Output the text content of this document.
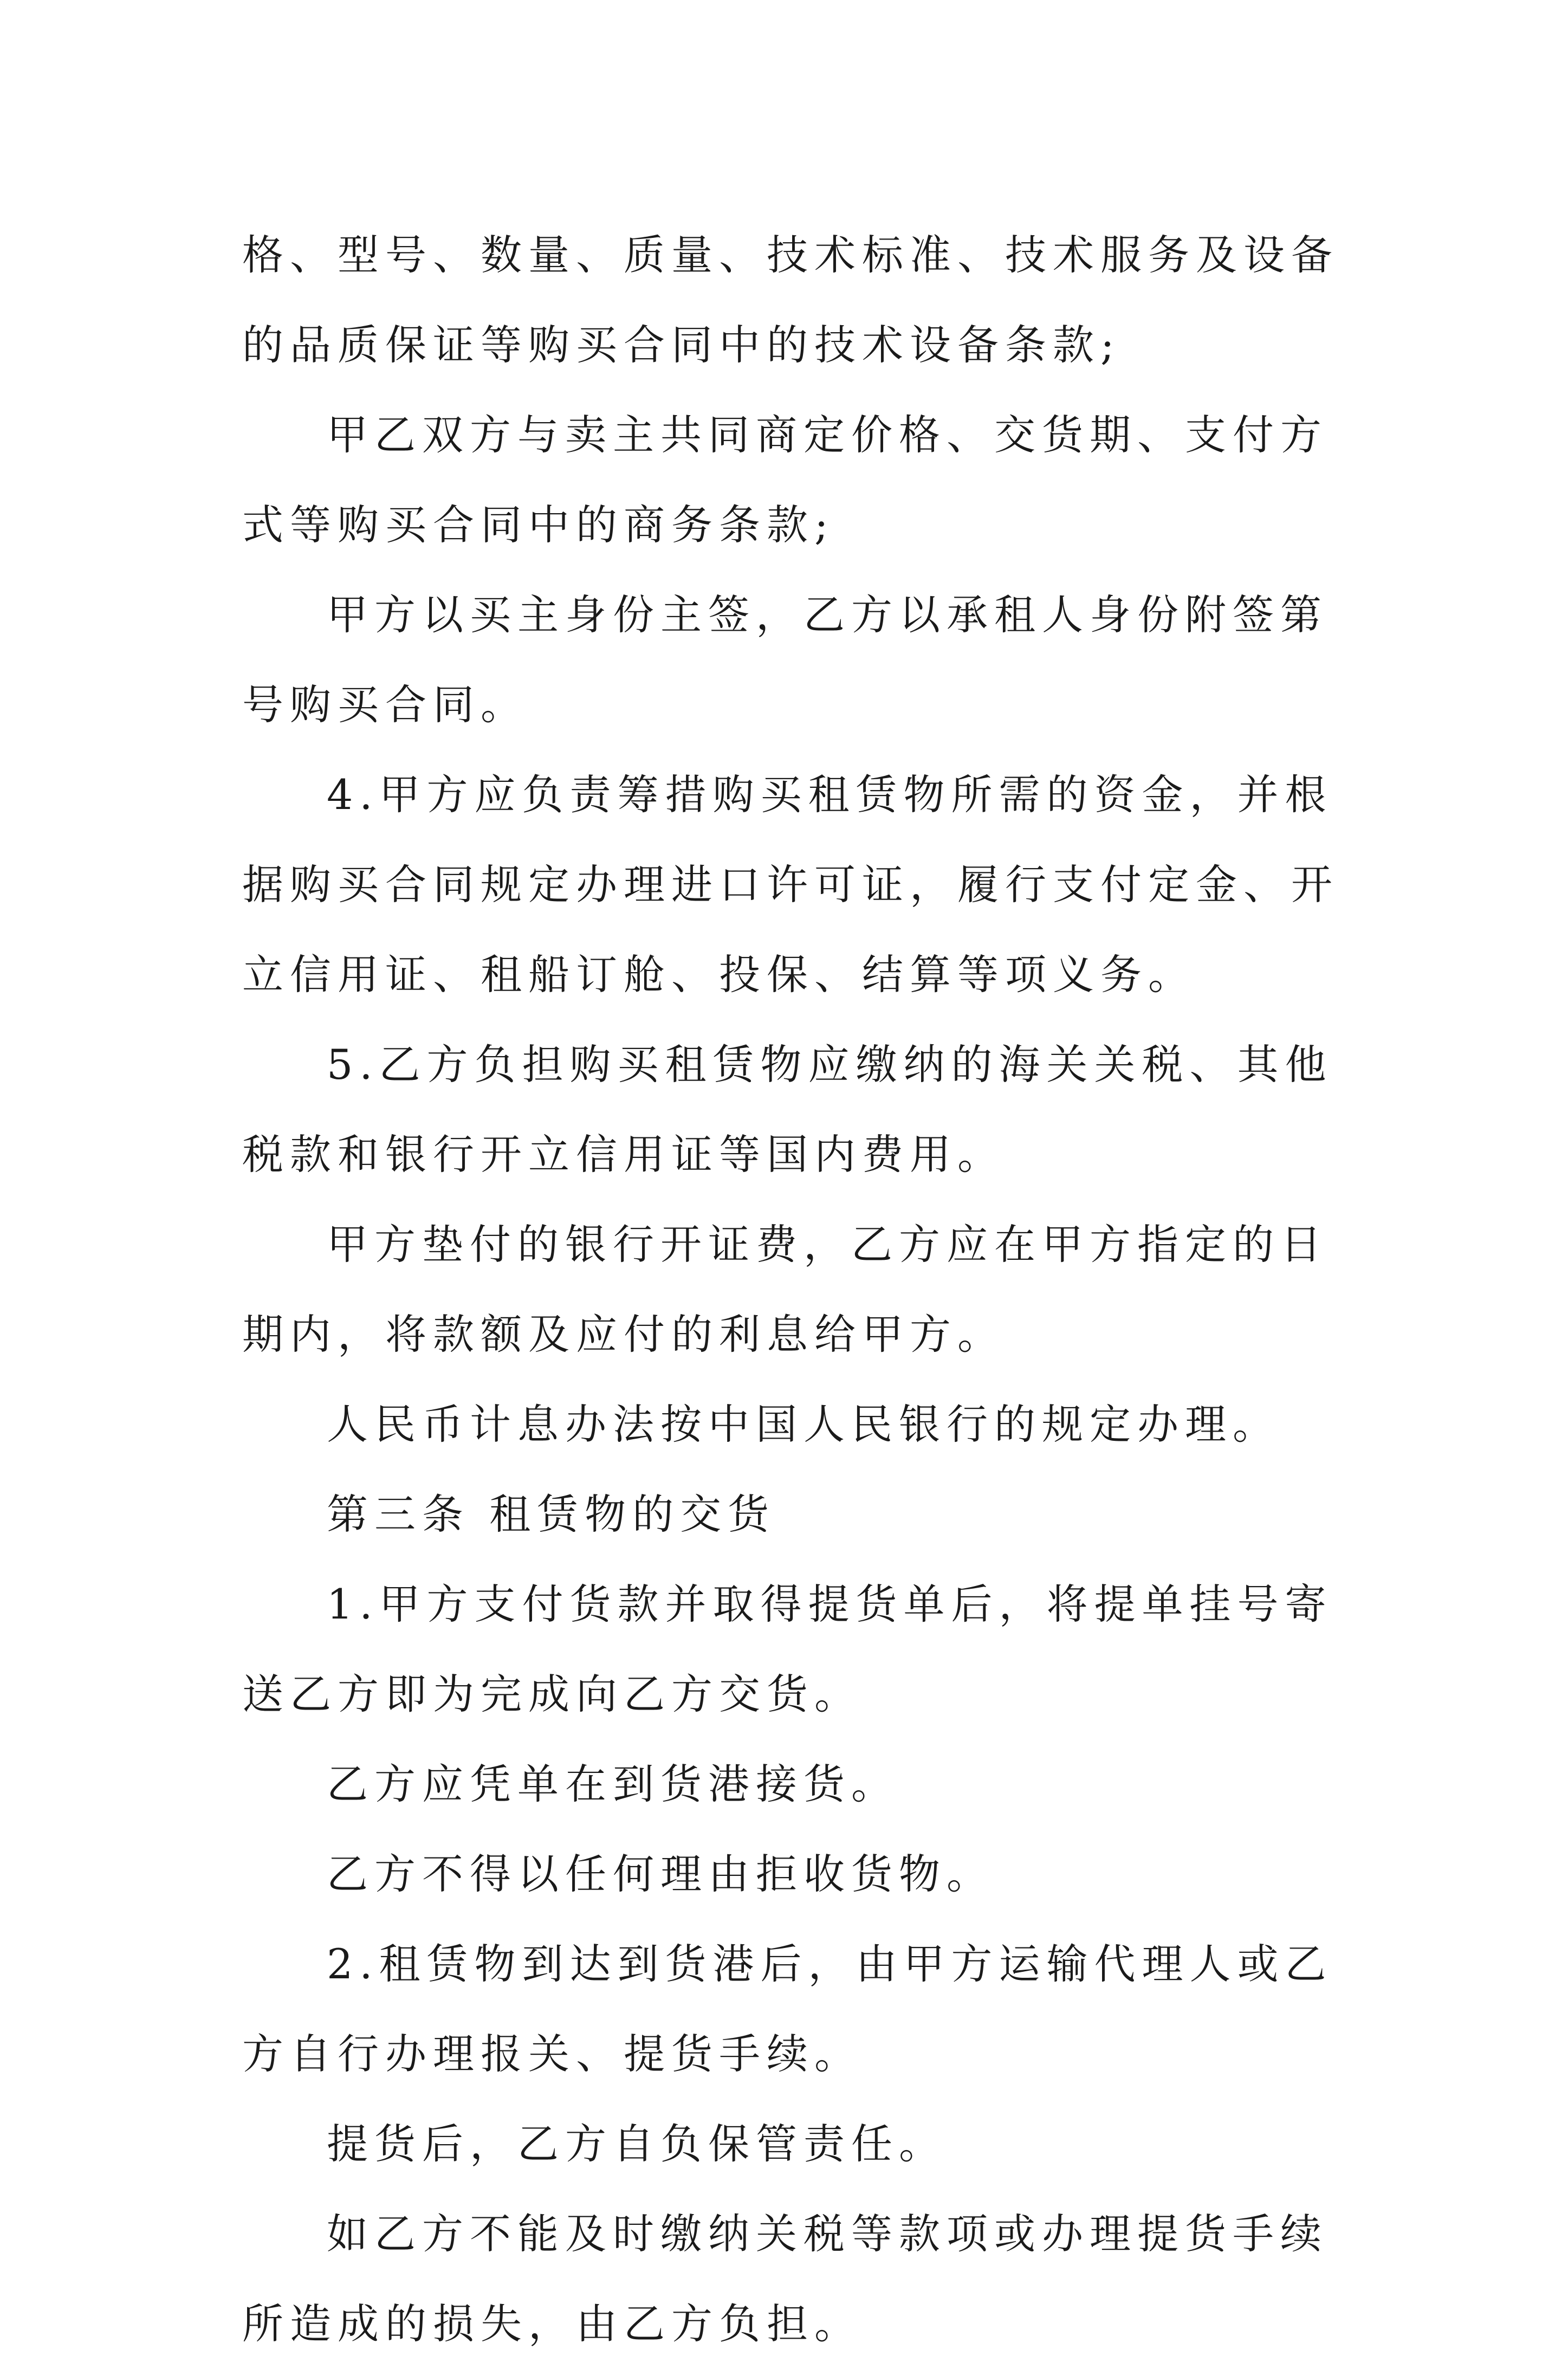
格、型号、数量、质量、技术标准、技术服务及设备的品质保证等购买合同中的技术设备条款;

甲乙双方与卖主共同商定价格、交货期、支付方式等购买合同中的商务条款;

甲方以买主身份主签，乙方以承租人身份附签第 号购买合同。

4.甲方应负责筹措购买租赁物所需的资金，并根据购买合同规定办理进口许可证，履行支付定金、开立信用证、租船订舱、投保、结算等项义务。

5.乙方负担购买租赁物应缴纳的海关关税、其他税款和银行开立信用证等国内费用。

甲方垫付的银行开证费，乙方应在甲方指定的日期内，将款额及应付的利息给甲方。

人民币计息办法按中国人民银行的规定办理。

第三条 租赁物的交货

1.甲方支付货款并取得提货单后，将提单挂号寄送乙方即为完成向乙方交货。

乙方应凭单在到货港接货。

乙方不得以任何理由拒收货物。

2.租赁物到达到货港后，由甲方运输代理人或乙方自行办理报关、提货手续。

提货后，乙方自负保管责任。

如乙方不能及时缴纳关税等款项或办理提货手续所造成的损失，由乙方负担。
